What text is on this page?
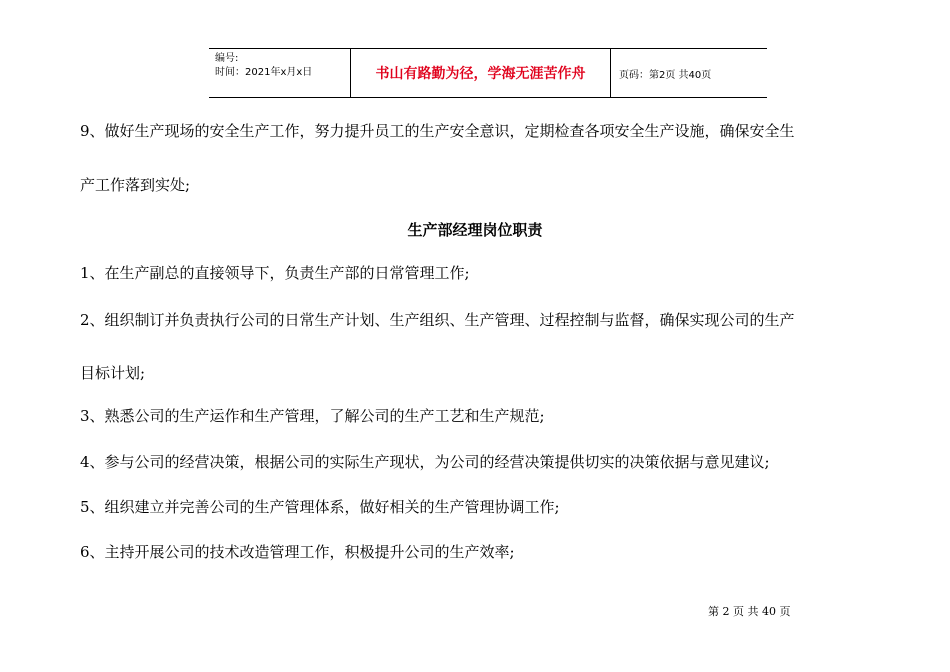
编号:
时间：2021年x月x日	书山有路勤为径，学海无涯苦作舟	页码：第2页 共40页
9、做好生产现场的安全生产工作，努力提升员工的生产安全意识，定期检查各项安全生产设施，确保安全生
产工作落到实处;
生产部经理岗位职责
1、在生产副总的直接领导下，负责生产部的日常管理工作;
2、组织制订并负责执行公司的日常生产计划、生产组织、生产管理、过程控制与监督，确保实现公司的生产
目标计划;
3、熟悉公司的生产运作和生产管理，了解公司的生产工艺和生产规范;
4、参与公司的经营决策，根据公司的实际生产现状，为公司的经营决策提供切实的决策依据与意见建议;
5、组织建立并完善公司的生产管理体系，做好相关的生产管理协调工作;
6、主持开展公司的技术改造管理工作，积极提升公司的生产效率;
第 2 页 共 40 页
